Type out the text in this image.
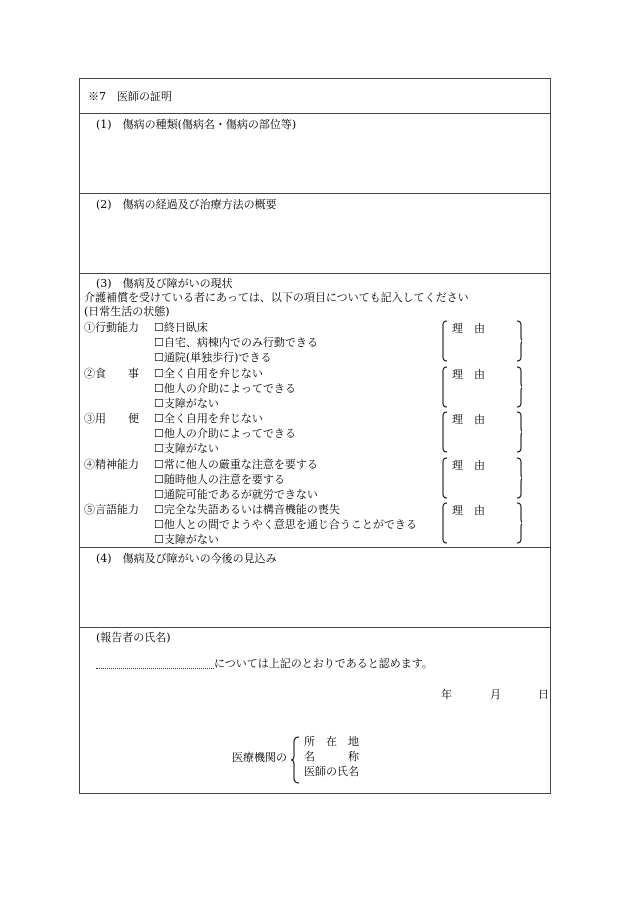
※7　医師の証明
(1)　傷病の種類(傷病名・傷病の部位等)
(2)　傷病の経過及び治療方法の概要
(3)　傷病及び障がいの現状
介護補償を受けている者にあっては、以下の項目についても記入してください
(日常生活の状態)
①行動能力 ☐終日臥床
☐自宅、病棟内でのみ行動できる
☐通院(単独歩行)できる
理　由
②食　　事 ☐全く自用を弁じない
☐他人の介助によってできる
☐支障がない
理　由
③用　　便 ☐全く自用を弁じない
☐他人の介助によってできる
☐支障がない
理　由
④精神能力 ☐常に他人の厳重な注意を要する
☐随時他人の注意を要する
☐通院可能であるが就労できない
理　由
⑤言語能力 ☐完全な失語あるいは構音機能の喪失
☐他人との間でようやく意思を通じ合うことができる
☐支障がない
理　由
(4)　傷病及び障がいの今後の見込み
(報告者の氏名)
については上記のとおりであると認めます。
年	月	日
医療機関の
所　在　地
名　　　称
医師の氏名
